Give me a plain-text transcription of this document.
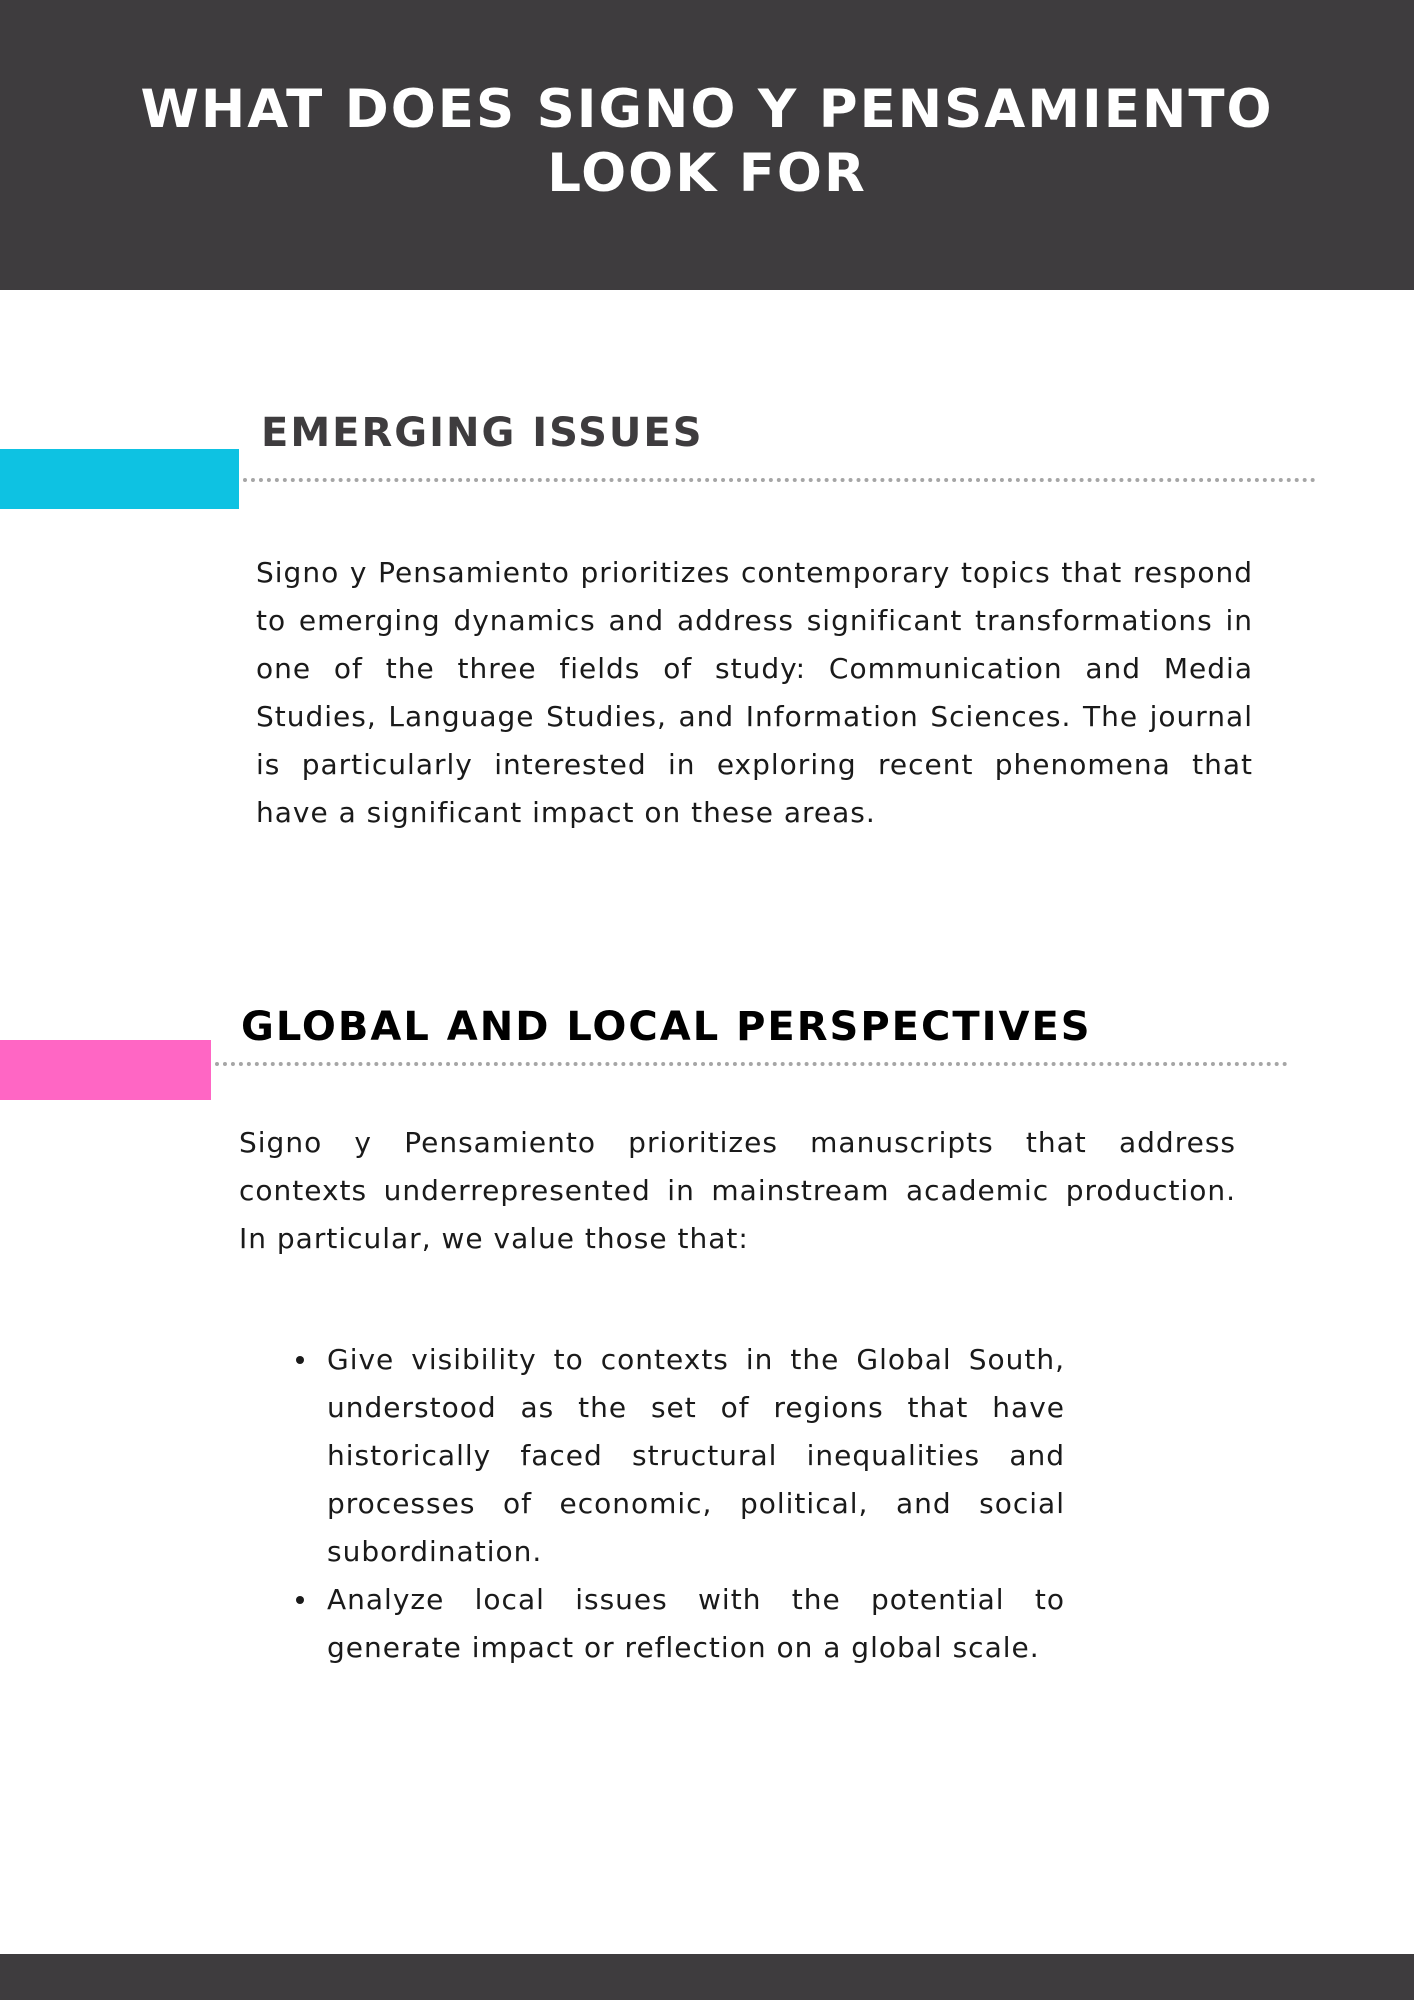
WHAT DOES SIGNO Y PENSAMIENTO LOOK FOR
EMERGING ISSUES

Signo y Pensamiento prioritizes contemporary topics that respond to emerging dynamics and address significant transformations in one of the three fields of study: Communication and Media Studies, Language Studies, and Information Sciences. The journal is particularly interested in exploring recent phenomena that have a significant impact on these areas.

GLOBAL AND LOCAL PERSPECTIVES

Signo y Pensamiento prioritizes manuscripts that address contexts underrepresented in mainstream academic production. In particular, we value those that:

Give visibility to contexts in the Global South, understood as the set of regions that have historically faced structural inequalities and processes of economic, political, and social subordination.
Analyze local issues with the potential to generate impact or reflection on a global scale.
